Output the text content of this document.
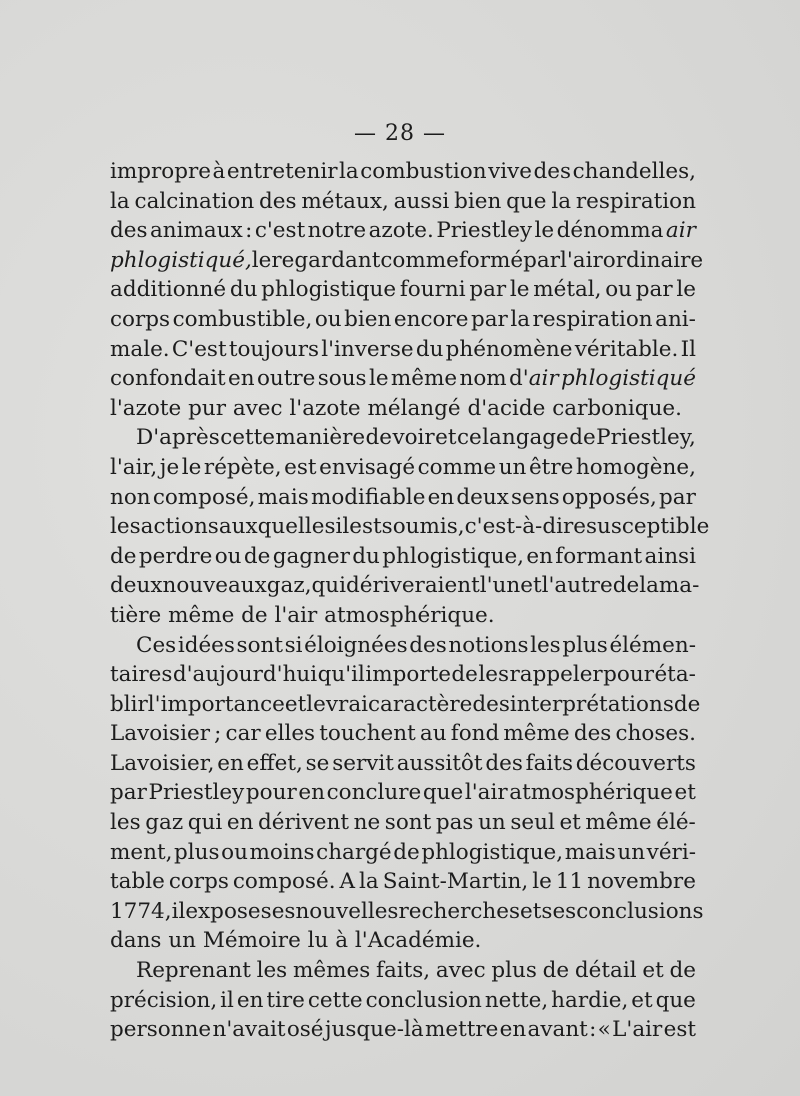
— 28 —
impropre à entretenir la combustion vive des chandelles,
la calcination des métaux, aussi bien que la respiration
des animaux : c'est notre azote. Priestley le dénomma air
phlogistiqué, le regardant comme formé par l'air ordinaire
additionné du phlogistique fourni par le métal, ou par le
corps combustible, ou bien encore par la respiration ani-
male. C'est toujours l'inverse du phénomène véritable. Il
confondait en outre sous le même nom d'air phlogistiqué
l'azote pur avec l'azote mélangé d'acide carbonique.
D'après cette manière de voir et ce langage de Priestley,
l'air, je le répète, est envisagé comme un être homogène,
non composé, mais modifiable en deux sens opposés, par
les actions auxquelles il est soumis, c'est-à-dire susceptible
de perdre ou de gagner du phlogistique, en formant ainsi
deux nouveaux gaz, qui dériveraient l'un et l'autre de la ma-
tière même de l'air atmosphérique.
Ces idées sont si éloignées des notions les plus élémen-
taires d'aujourd'hui qu'il importe de les rappeler pour éta-
blir l'importance et le vrai caractère des interprétations de
Lavoisier ; car elles touchent au fond même des choses.
Lavoisier, en effet, se servit aussitôt des faits découverts
par Priestley pour en conclure que l'air atmosphérique et
les gaz qui en dérivent ne sont pas un seul et même élé-
ment, plus ou moins chargé de phlogistique, mais un véri-
table corps composé. A la Saint-Martin, le 11 novembre
1774, il expose ses nouvelles recherches et ses conclusions
dans un Mémoire lu à l'Académie.
Reprenant les mêmes faits, avec plus de détail et de
précision, il en tire cette conclusion nette, hardie, et que
personne n'avait osé jusque-là mettre en avant : « L'air est
